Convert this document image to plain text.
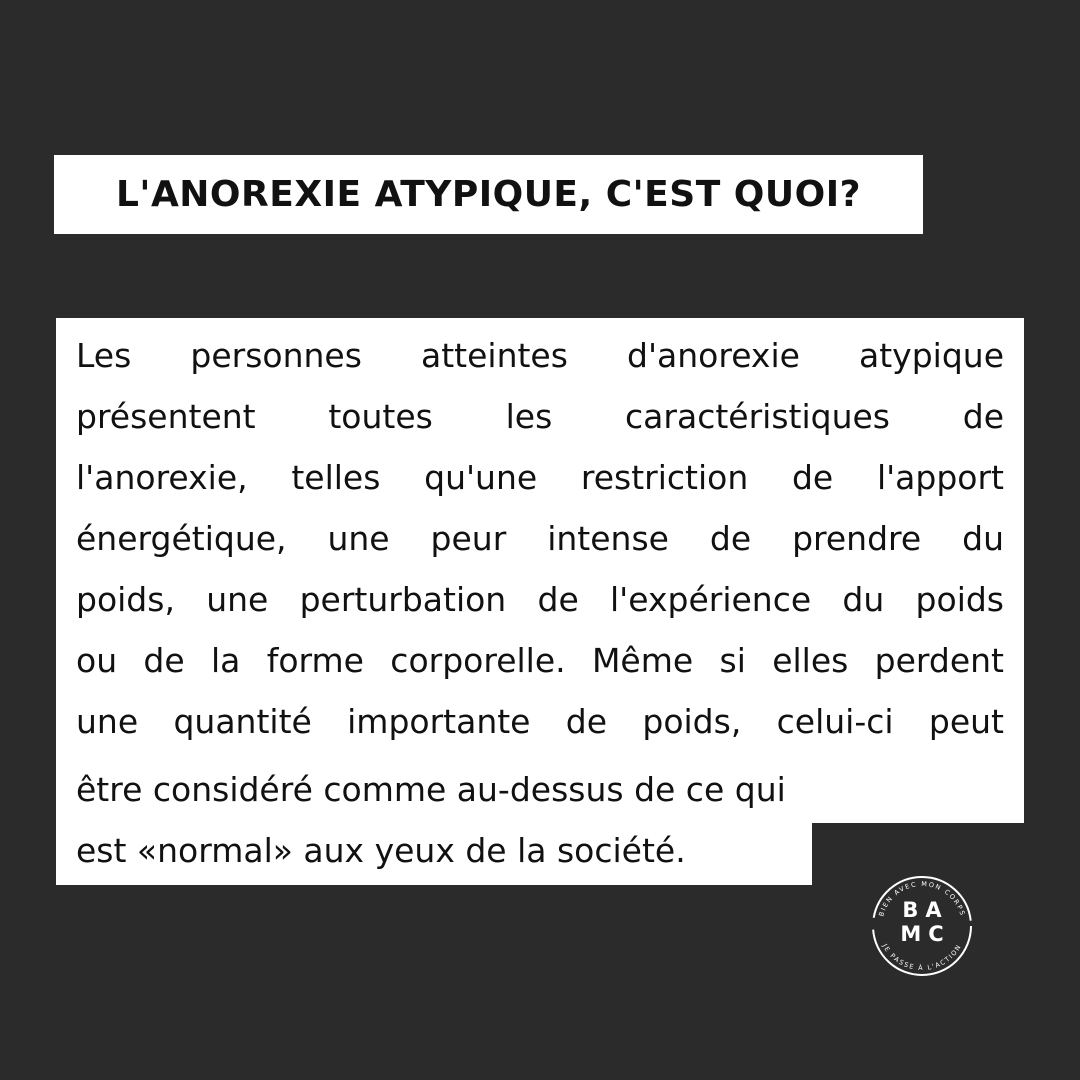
L'ANOREXIE ATYPIQUE, C'EST QUOI?
Les personnes atteintes d'anorexie atypique
présentent toutes les caractéristiques de
l'anorexie, telles qu'une restriction de l'apport
énergétique, une peur intense de prendre du
poids, une perturbation de l'expérience du poids
ou de la forme corporelle. Même si elles perdent
une quantité importante de poids, celui-ci peut
être considéré comme au-dessus de ce qui
est «normal» aux yeux de la société.
BIEN AVEC MON CORPS
JE PASSE À L'ACTION
BA
MC
